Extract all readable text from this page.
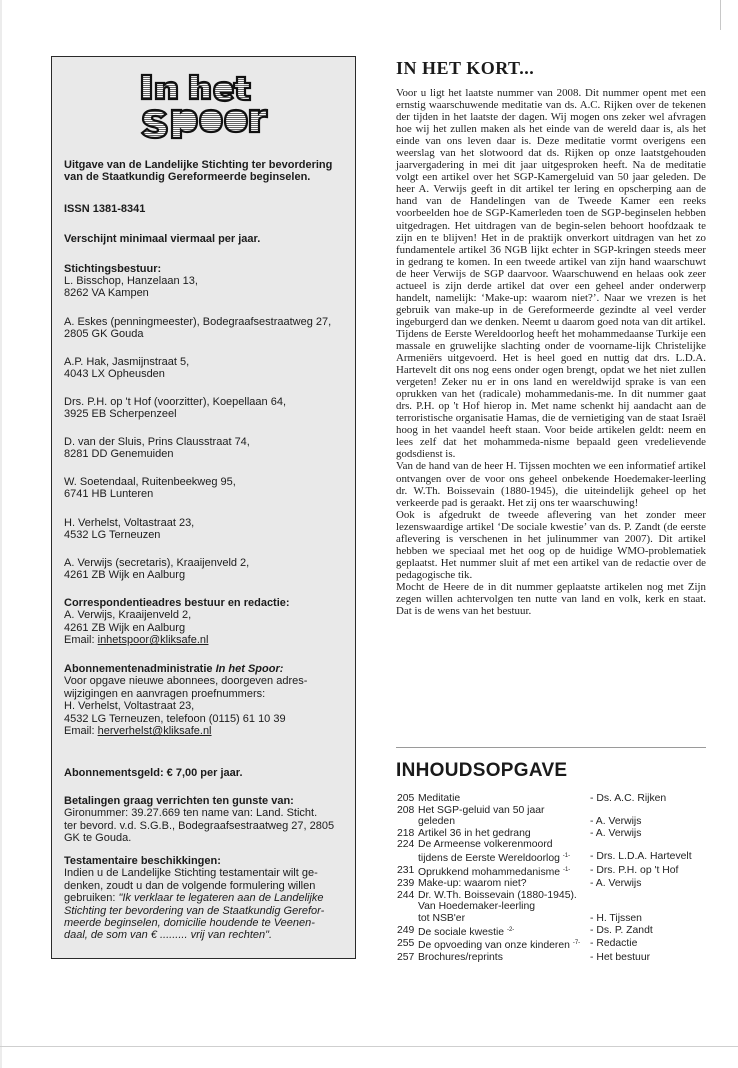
Uitgave van de Landelijke Stichting ter bevordering van de Staatkundig Gereformeerde beginselen.
ISSN 1381-8341
Verschijnt minimaal viermaal per jaar.
Stichtingsbestuur:
L. Bisschop, Hanzelaan 13,
8262 VA Kampen
A. Eskes (penningmeester), Bodegraafsestraatweg 27,
2805 GK Gouda
A.P. Hak, Jasmijnstraat 5,
4043 LX Opheusden
Drs. P.H. op 't Hof (voorzitter), Koepellaan 64,
3925 EB Scherpenzeel
D. van der Sluis, Prins Clausstraat 74,
8281 DD Genemuiden
W. Soetendaal, Ruitenbeekweg 95,
6741 HB Lunteren
H. Verhelst, Voltastraat 23,
4532 LG Terneuzen
A. Verwijs (secretaris), Kraaijenveld 2,
4261 ZB Wijk en Aalburg
Correspondentieadres bestuur en redactie:
A. Verwijs, Kraaijenveld 2,
4261 ZB Wijk en Aalburg
Email: inhetspoor@kliksafe.nl
Abonnementenadministratie In het Spoor:
Voor opgave nieuwe abonnees, doorgeven adres-
wijzigingen en aanvragen proefnummers:
H. Verhelst, Voltastraat 23,
4532 LG Terneuzen, telefoon (0115) 61 10 39
Email: herverhelst@kliksafe.nl
Abonnementsgeld: € 7,00 per jaar.
Betalingen graag verrichten ten gunste van:
Gironummer: 39.27.669 ten name van: Land. Sticht.
ter bevord. v.d. S.G.B., Bodegraafsestraatweg 27, 2805
GK te Gouda.
Testamentaire beschikkingen:
Indien u de Landelijke Stichting testamentair wilt ge-
denken, zoudt u dan de volgende formulering willen
gebruiken: "Ik verklaar te legateren aan de Landelijke
Stichting ter bevordering van de Staatkundig Gerefor-
meerde beginselen, domicilie houdende te Veenen-
daal, de som van € ......... vrij van rechten".
IN HET KORT...

Voor u ligt het laatste nummer van 2008. Dit nummer opent met een ernstig waarschuwende meditatie van ds. A.C. Rijken over de tekenen der tijden in het laatste der dagen. Wij mogen ons zeker wel afvragen hoe wij het zullen maken als het einde van de wereld daar is, als het einde van ons leven daar is. Deze meditatie vormt overigens een weerslag van het slotwoord dat ds. Rijken op onze laatstgehouden jaarvergadering in mei dit jaar uitgesproken heeft. Na de meditatie volgt een artikel over het SGP-Kamergeluid van 50 jaar geleden. De heer A. Verwijs geeft in dit artikel ter lering en opscherping aan de hand van de Handelingen van de Tweede Kamer een reeks voorbeelden hoe de SGP-Kamerleden toen de SGP-beginselen hebben uitgedragen. Het uitdragen van de begin-selen behoort hoofdzaak te zijn en te blijven! Het in de praktijk onverkort uitdragen van het zo fundamentele artikel 36 NGB lijkt echter in SGP-kringen steeds meer in gedrang te komen. In een tweede artikel van zijn hand waarschuwt de heer Verwijs de SGP daarvoor. Waarschuwend en helaas ook zeer actueel is zijn derde artikel dat over een geheel ander onderwerp handelt, namelijk: ‘Make-up: waarom niet?’. Naar we vrezen is het gebruik van make-up in de Gereformeerde gezindte al veel verder ingeburgerd dan we denken. Neemt u daarom goed nota van dit artikel.

Tijdens de Eerste Wereldoorlog heeft het mohammedaanse Turkije een massale en gruwelijke slachting onder de voorname-lijk Christelijke Armeniërs uitgevoerd. Het is heel goed en nuttig dat drs. L.D.A. Hartevelt dit ons nog eens onder ogen brengt, opdat we het niet zullen vergeten! Zeker nu er in ons land en wereldwijd sprake is van een oprukken van het (radicale) mohammedanis-me. In dit nummer gaat drs. P.H. op 't Hof hierop in. Met name schenkt hij aandacht aan de terroristische organisatie Hamas, die de vernietiging van de staat Israël hoog in het vaandel heeft staan. Voor beide artikelen geldt: neem en lees zelf dat het mohammeda-nisme bepaald geen vredelievende godsdienst is.

Van de hand van de heer H. Tijssen mochten we een informatief artikel ontvangen over de voor ons geheel onbekende Hoedemaker-leerling dr. W.Th. Boissevain (1880-1945), die uiteindelijk geheel op het verkeerde pad is geraakt. Het zij ons ter waarschuwing!

Ook is afgedrukt de tweede aflevering van het zonder meer lezenswaardige artikel ‘De sociale kwestie’ van ds. P. Zandt (de eerste aflevering is verschenen in het julinummer van 2007). Dit artikel hebben we speciaal met het oog op de huidige WMO-problematiek geplaatst. Het nummer sluit af met een artikel van de redactie over de pedagogische tik.

Mocht de Heere de in dit nummer geplaatste artikelen nog met Zijn zegen willen achtervolgen ten nutte van land en volk, kerk en staat. Dat is de wens van het bestuur.

INHOUDSOPGAVE
205 Meditatie	- Ds. A.C. Rijken
208 Het SGP-geluid van 50 jaar
geleden	- A. Verwijs
218 Artikel 36 in het gedrang	- A. Verwijs
224 De Armeense volkerenmoord
tijdens de Eerste Wereldoorlog $^{-1-}$	- Drs. L.D.A. Hartevelt
231 Oprukkend mohammedanisme $^{-1-}$	- Drs. P.H. op 't Hof
239 Make-up: waarom niet?	- A. Verwijs
244 Dr. W.Th. Boissevain (1880-1945).
Van Hoedemaker-leerling
tot NSB'er	- H. Tijssen
249 De sociale kwestie $^{-2-}$	- Ds. P. Zandt
255 De opvoeding van onze kinderen $^{-7-}$ - Redactie
257 Brochures/reprints	- Het bestuur
